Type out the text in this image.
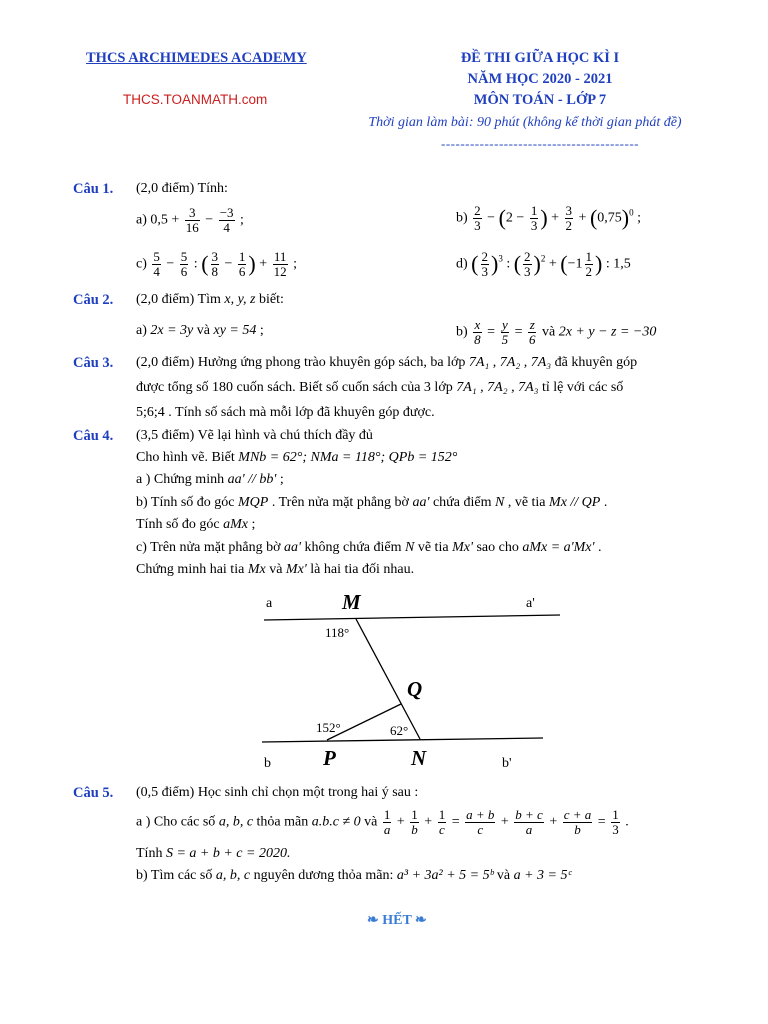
THCS ARCHIMEDES ACADEMY
THCS.TOANMATH.com
ĐỀ THI GIỮA HỌC KÌ I
NĂM HỌC 2020 - 2021
MÔN TOÁN - LỚP 7
Thời gian làm bài: 90 phút (không kể thời gian phát đề)
-----------------------------------------
Câu 1. (2,0 điểm) Tính:
a) $0,5 + \frac{3}{16} - \frac{-3}{4}$ ;	$b) \frac{2}{3} - (2 - \frac{1}{3}$ ) + $\frac{3}{2} + (0,75)^0$ ;
$c) \frac{5}{4} - \frac{5}{6}$ : ( $\frac{3}{8} - \frac{1}{6}$ ) + $\frac{11}{12}$ ;	d) ( $\frac{2}{3} )^3$ : ( $\frac{2}{3} )^2 + (-1 \frac{1}{2}$ ) : 1,5
Câu 2. (2,0 điểm) Tìm x, y, z biết:
a) 2x = 3y và xy = 54 ;	$b) \frac{x}{8} = \frac{y}{5} = \frac{z}{6}$ và 2x + y − z = −30
Câu 3. (2,0 điểm) Hưởng ứng phong trào khuyên góp sách, ba lớp 7A₁ , 7A₂ , 7A₃ đã khuyên góp
được tổng số 180 cuốn sách. Biết số cuốn sách của 3 lớp 7A₁ , 7A₂ , 7A₃ tỉ lệ với các số
5;6;4 . Tính số sách mà mỗi lớp đã khuyên góp được.
Câu 4. (3,5 điểm) Vẽ lại hình và chú thích đầy đủ
Cho hình vẽ. Biết MNb = 62°; NMa = 118°; QPb = 152°
a ) Chứng minh aa' // bb' ;
b) Tính số đo góc MQP . Trên nửa mặt phẳng bờ aa' chứa điểm N , vẽ tia Mx // QP .
Tính số đo góc aMx ;
c) Trên nửa mặt phẳng bờ aa' không chứa điểm N vẽ tia Mx' sao cho aMx = a'Mx' .
Chứng minh hai tia Mx và Mx' là hai tia đối nhau.
a	a'
b	b'
M
Q
P	N
118°
152°	62°
Câu 5. (0,5 điểm) Học sinh chỉ chọn một trong hai ý sau :
a ) Cho các số a, b, c thỏa mãn a.b.c ≠ 0 và $\frac{1}{a} + \frac{1}{b} + \frac{1}{c} = \frac{a + b}{c} + \frac{b + c}{a} + \frac{c + a}{b} = \frac{1}{3}$ .
Tính S = a + b + c = 2020.
b) Tìm các số a, b, c nguyên dương thỏa mãn: a³ + 3a² + 5 = 5ᵇ và a + 3 = 5ᶜ
❧ HẾT ❧
